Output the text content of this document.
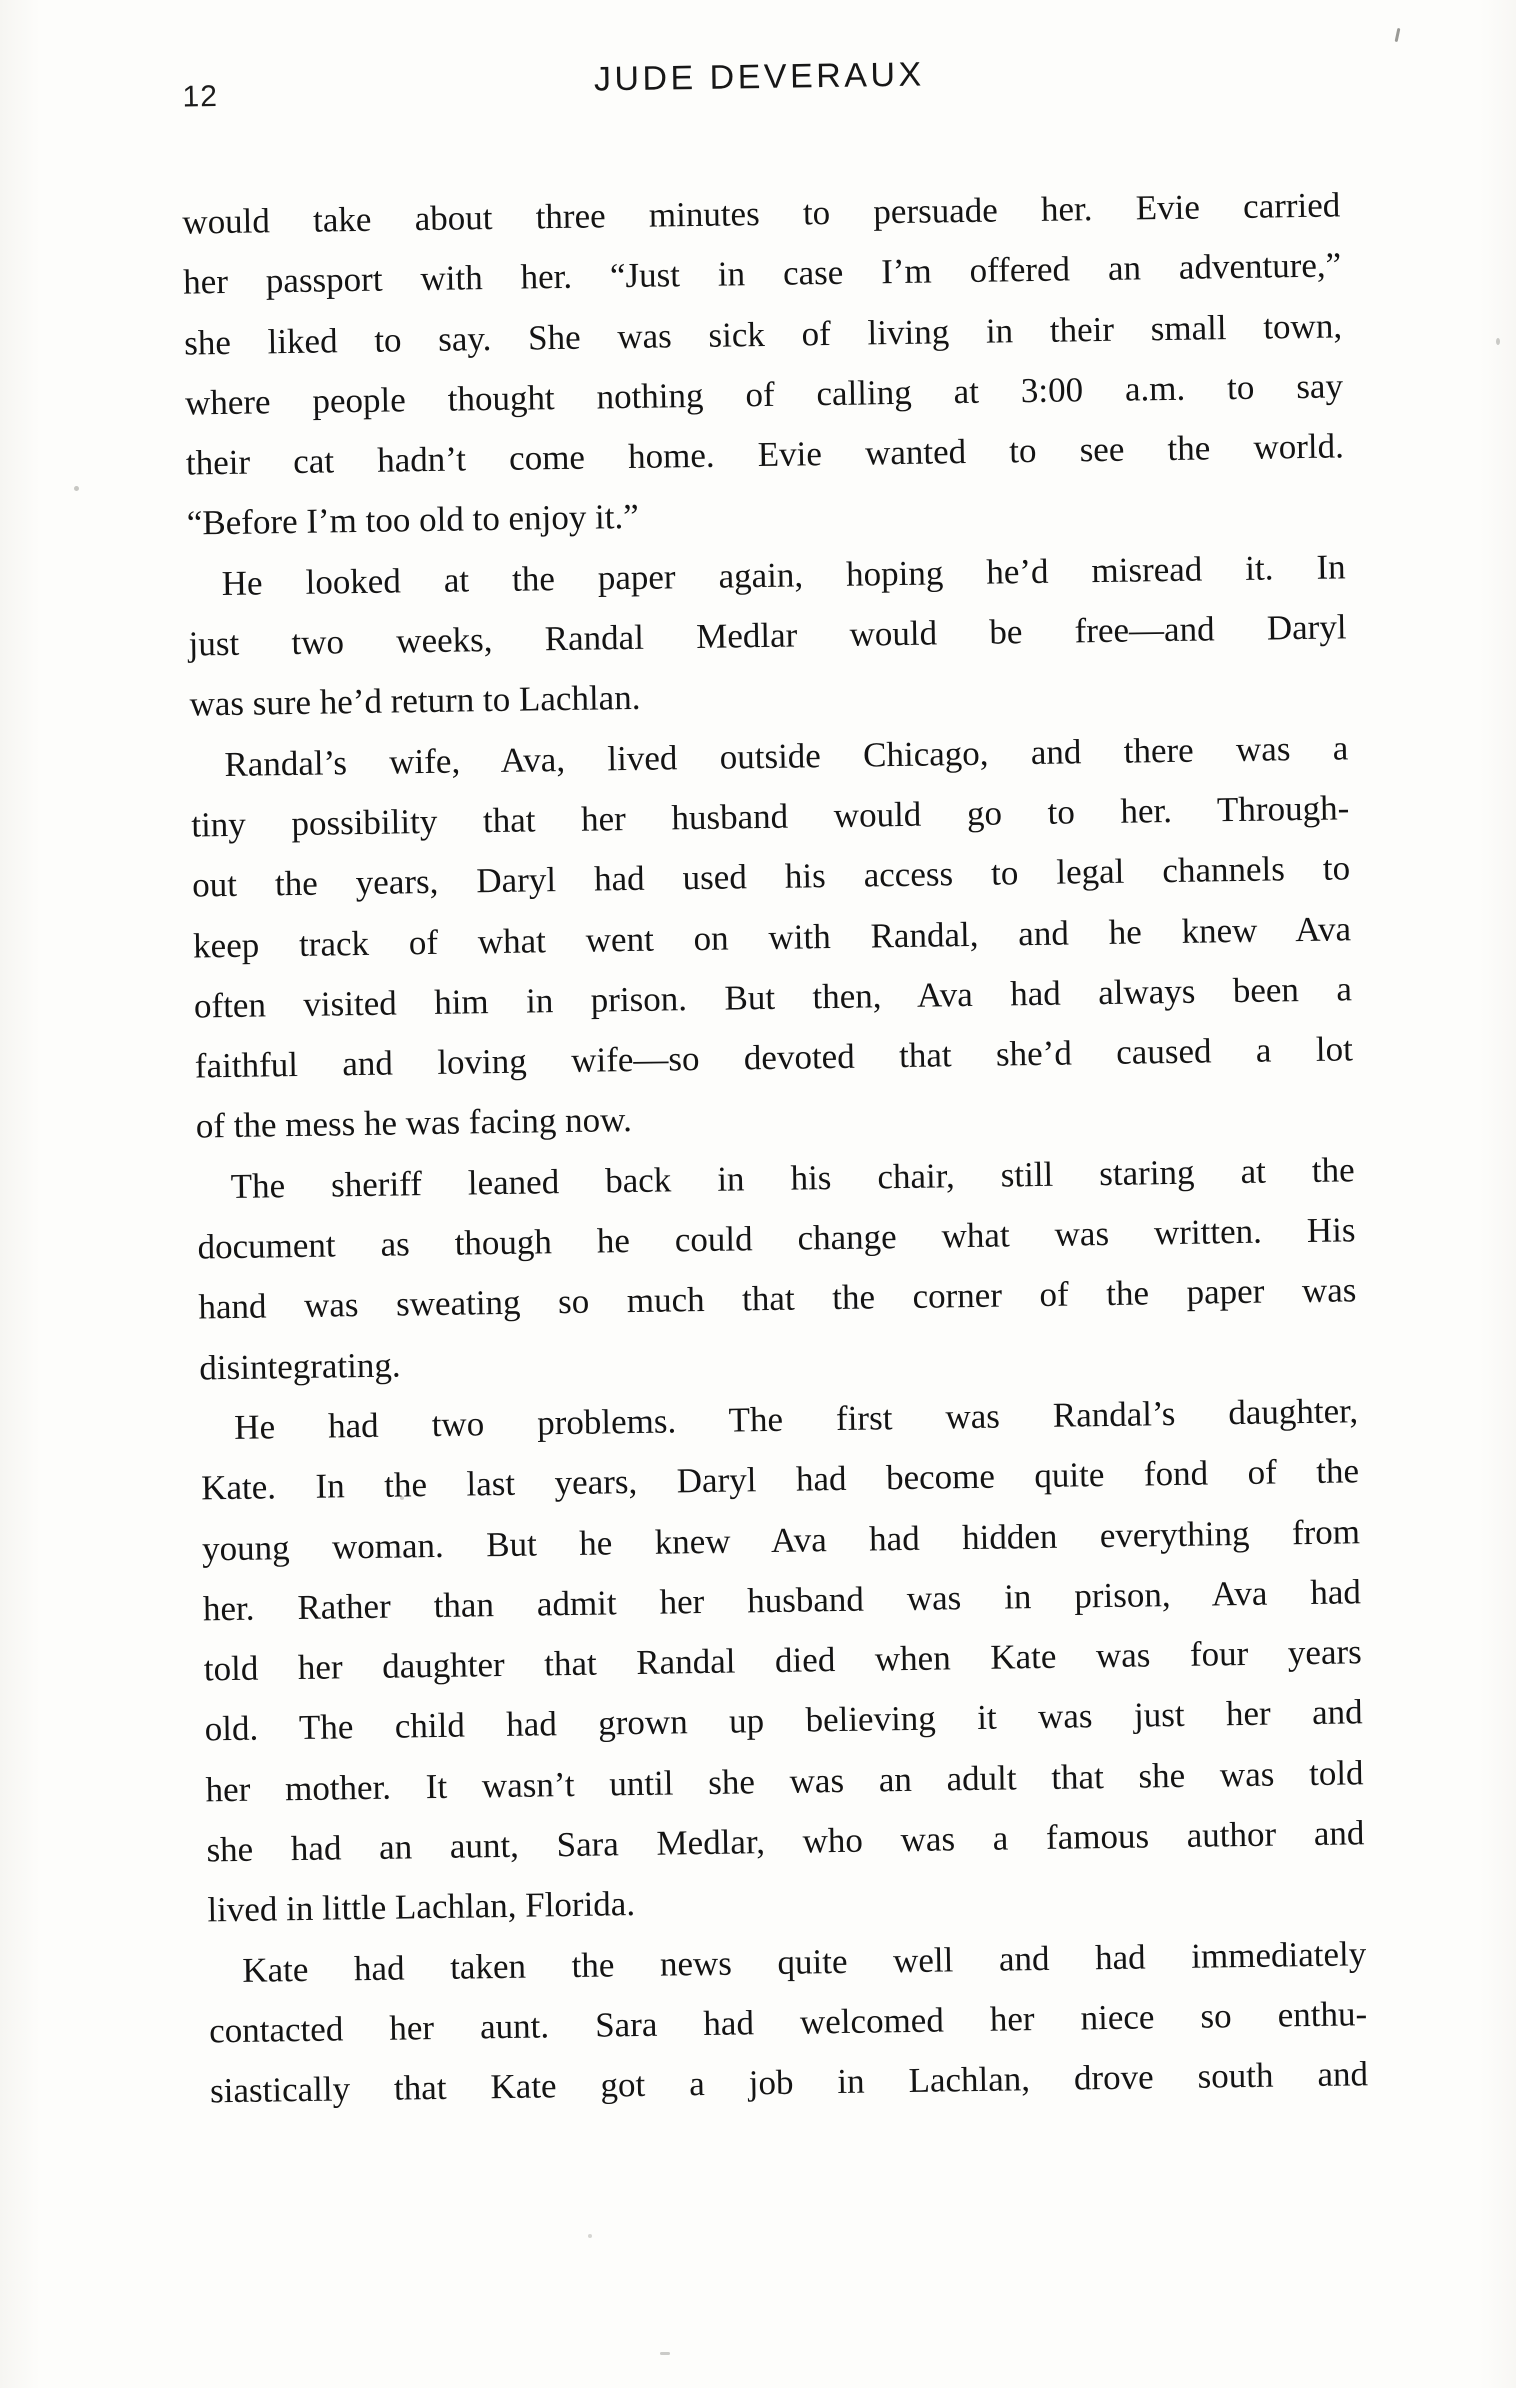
12	JUDE DEVERAUX
would take about three minutes to persuade her. Evie carried
her passport with her. “Just in case I’m offered an adventure,”
she liked to say. She was sick of living in their small town,
where people thought nothing of calling at 3:00 a.m. to say
their cat hadn’t come home. Evie wanted to see the world.
“Before I’m too old to enjoy it.”
He looked at the paper again, hoping he’d misread it. In
just two weeks, Randal Medlar would be free—and Daryl
was sure he’d return to Lachlan.
Randal’s wife, Ava, lived outside Chicago, and there was a
tiny possibility that her husband would go to her. Through-
out the years, Daryl had used his access to legal channels to
keep track of what went on with Randal, and he knew Ava
often visited him in prison. But then, Ava had always been a
faithful and loving wife—so devoted that she’d caused a lot
of the mess he was facing now.
The sheriff leaned back in his chair, still staring at the
document as though he could change what was written. His
hand was sweating so much that the corner of the paper was
disintegrating.
He had two problems. The first was Randal’s daughter,
Kate. In the last years, Daryl had become quite fond of the
young woman. But he knew Ava had hidden everything from
her. Rather than admit her husband was in prison, Ava had
told her daughter that Randal died when Kate was four years
old. The child had grown up believing it was just her and
her mother. It wasn’t until she was an adult that she was told
she had an aunt, Sara Medlar, who was a famous author and
lived in little Lachlan, Florida.
Kate had taken the news quite well and had immediately
contacted her aunt. Sara had welcomed her niece so enthu-
siastically that Kate got a job in Lachlan, drove south and
